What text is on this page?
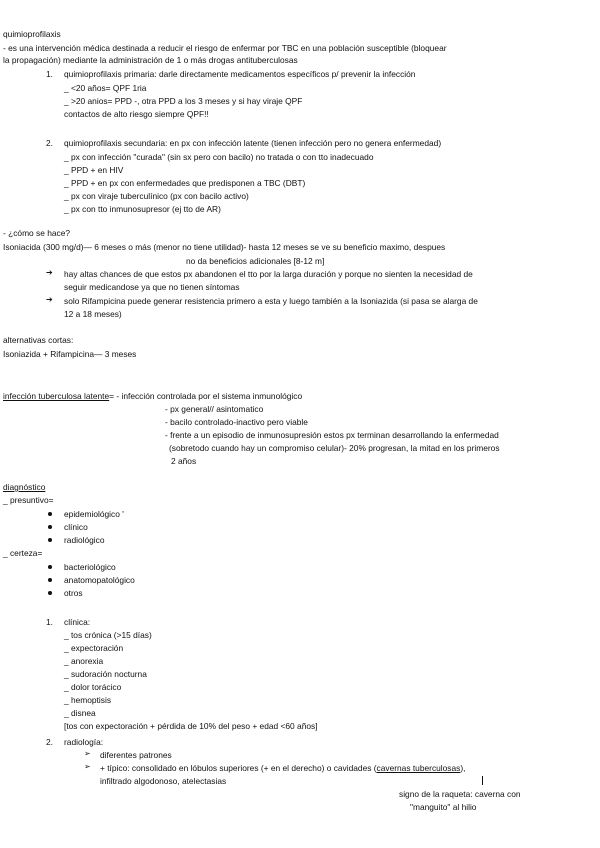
quimioprofilaxis
- es una intervención médica destinada a reducir el riesgo de enfermar por TBC en una población susceptible (bloquear
la propagación) mediante la administración de 1 o más drogas antituberculosas
1. quimioprofilaxis primaria: darle directamente medicamentos específicos p/ prevenir la infección
_ <20 años= QPF 1ria
_ >20 anios= PPD -, otra PPD a los 3 meses y si hay viraje QPF
contactos de alto riesgo siempre QPF!!
2. quimioprofilaxis secundaria: en px con infección latente (tienen infección pero no genera enfermedad)
_ px con infección "curada" (sin sx pero con bacilo) no tratada o con tto inadecuado
_ PPD + en HIV
_ PPD + en px con enfermedades que predisponen a TBC (DBT)
_ px con viraje tuberculínico (px con bacilo activo)
_ px con tto inmunosupresor (ej tto de AR)
- ¿cómo se hace?
Isoniacida (300 mg/d)— 6 meses o más (menor no tiene utilidad)- hasta 12 meses se ve su beneficio maximo, despues
no da beneficios adicionales [8-12 m]
➔ hay altas chances de que estos px abandonen el tto por la larga duración y porque no sienten la necesidad de
seguir medicandose ya que no tienen síntomas
➔ solo Rifampicina puede generar resistencia primero a esta y luego también a la Isoniazida (si pasa se alarga de
12 a 18 meses)
alternativas cortas:
Isoniazida + Rifampicina— 3 meses
infección tuberculosa latente= - infección controlada por el sistema inmunológico
- px general// asintomatico
- bacilo controlado-inactivo pero viable
- frente a un episodio de inmunosupresión estos px terminan desarrollando la enfermedad
(sobretodo cuando hay un compromiso celular)- 20% progresan, la mitad en los primeros
2 años
diagnóstico
_ presuntivo=
epidemiológico '
clínico
radiológico
_ certeza=
bacteriológico
anatomopatológico
otros
1. clínica:
_ tos crónica (>15 días)
_ expectoración
_ anorexia
_ sudoración nocturna
_ dolor torácico
_ hemoptisis
_ disnea
[tos con expectoración + pérdida de 10% del peso + edad <60 años]
2. radiología:
➢ diferentes patrones
➢ + típico: consolidado en lóbulos superiores (+ en el derecho) o cavidades (cavernas tuberculosas),
infiltrado algodonoso, atelectasias
signo de la raqueta: caverna con
"manguito" al hilio
